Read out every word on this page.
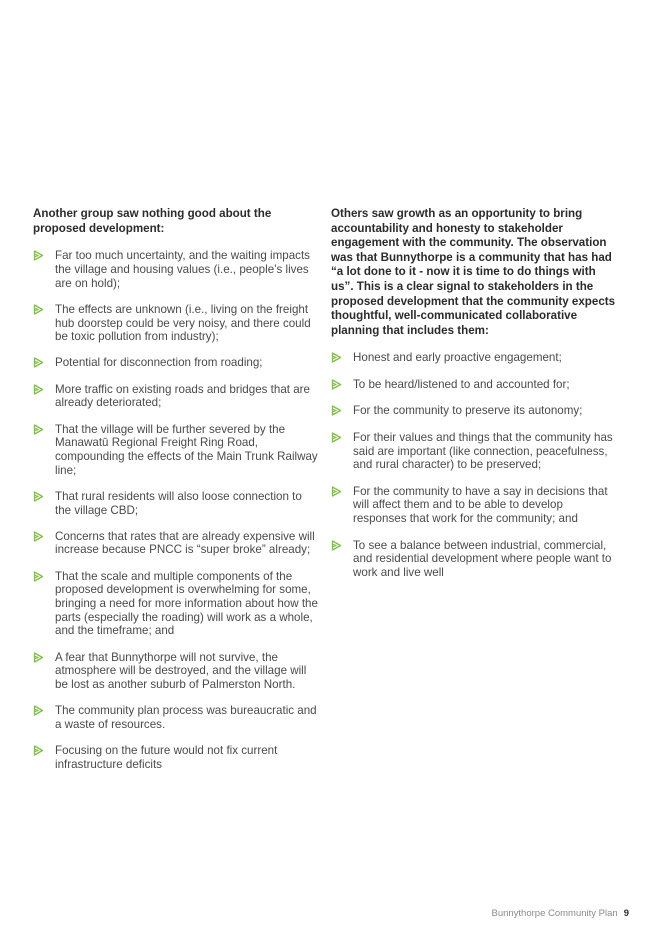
Another group saw nothing good about the proposed development:

Far too much uncertainty, and the waiting impacts the village and housing values (i.e., people’s lives are on hold);
The effects are unknown (i.e., living on the freight hub doorstep could be very noisy, and there could be toxic pollution from industry);
Potential for disconnection from roading;
More traffic on existing roads and bridges that are already deteriorated;
That the village will be further severed by the Manawatū Regional Freight Ring Road, compounding the effects of the Main Trunk Railway line;
That rural residents will also loose connection to the village CBD;
Concerns that rates that are already expensive will increase because PNCC is “super broke” already;
That the scale and multiple components of the proposed development is overwhelming for some, bringing a need for more information about how the parts (especially the roading) will work as a whole, and the timeframe; and
A fear that Bunnythorpe will not survive, the atmosphere will be destroyed, and the village will be lost as another suburb of Palmerston North.
The community plan process was bureaucratic and a waste of resources.
Focusing on the future would not fix current infrastructure deficits

Others saw growth as an opportunity to bring accountability and honesty to stakeholder engagement with the community. The observation was that Bunnythorpe is a community that has had “a lot done to it - now it is time to do things with us”. This is a clear signal to stakeholders in the proposed development that the community expects thoughtful, well-communicated collaborative planning that includes them:

Honest and early proactive engagement;
To be heard/listened to and accounted for;
For the community to preserve its autonomy;
For their values and things that the community has said are important (like connection, peacefulness, and rural character) to be preserved;
For the community to have a say in decisions that will affect them and to be able to develop responses that work for the community; and
To see a balance between industrial, commercial, and residential development where people want to work and live well
Bunnythorpe Community Plan 9
